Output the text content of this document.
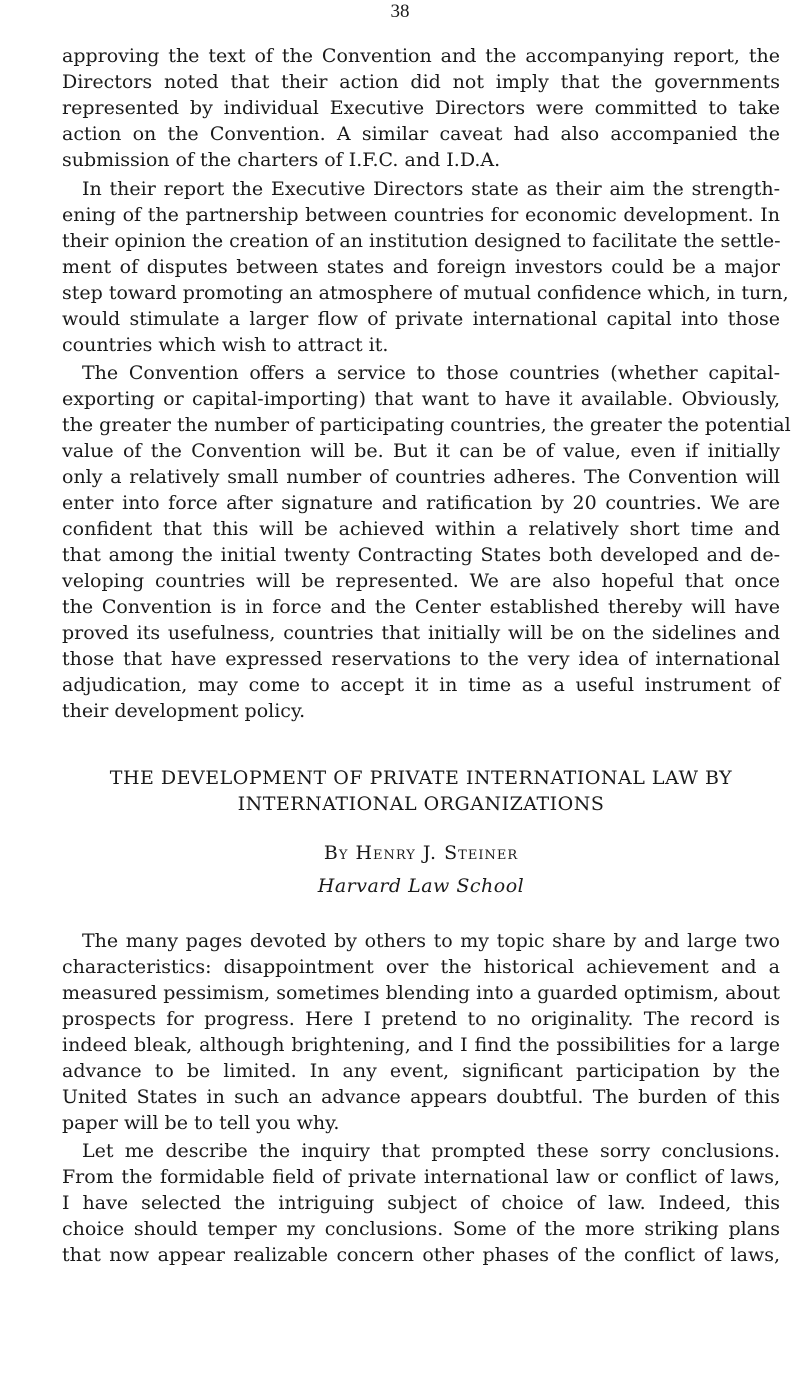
38
approving the text of the Convention and the accompanying report, the
Directors noted that their action did not imply that the governments
represented by individual Executive Directors were committed to take
action on the Convention. A similar caveat had also accompanied the
submission of the charters of I.F.C. and I.D.A.
In their report the Executive Directors state as their aim the strength-
ening of the partnership between countries for economic development. In
their opinion the creation of an institution designed to facilitate the settle-
ment of disputes between states and foreign investors could be a major
step toward promoting an atmosphere of mutual confidence which, in turn,
would stimulate a larger flow of private international capital into those
countries which wish to attract it.
The Convention offers a service to those countries (whether capital-
exporting or capital-importing) that want to have it available. Obviously,
the greater the number of participating countries, the greater the potential
value of the Convention will be. But it can be of value, even if initially
only a relatively small number of countries adheres. The Convention will
enter into force after signature and ratification by 20 countries. We are
confident that this will be achieved within a relatively short time and
that among the initial twenty Contracting States both developed and de-
veloping countries will be represented. We are also hopeful that once
the Convention is in force and the Center established thereby will have
proved its usefulness, countries that initially will be on the sidelines and
those that have expressed reservations to the very idea of international
adjudication, may come to accept it in time as a useful instrument of
their development policy.
THE DEVELOPMENT OF PRIVATE INTERNATIONAL LAW BY
INTERNATIONAL ORGANIZATIONS
By Henry J. Steiner
Harvard Law School
The many pages devoted by others to my topic share by and large two
characteristics: disappointment over the historical achievement and a
measured pessimism, sometimes blending into a guarded optimism, about
prospects for progress. Here I pretend to no originality. The record is
indeed bleak, although brightening, and I find the possibilities for a large
advance to be limited. In any event, significant participation by the
United States in such an advance appears doubtful. The burden of this
paper will be to tell you why.
Let me describe the inquiry that prompted these sorry conclusions.
From the formidable field of private international law or conflict of laws,
I have selected the intriguing subject of choice of law. Indeed, this
choice should temper my conclusions. Some of the more striking plans
that now appear realizable concern other phases of the conflict of laws,
